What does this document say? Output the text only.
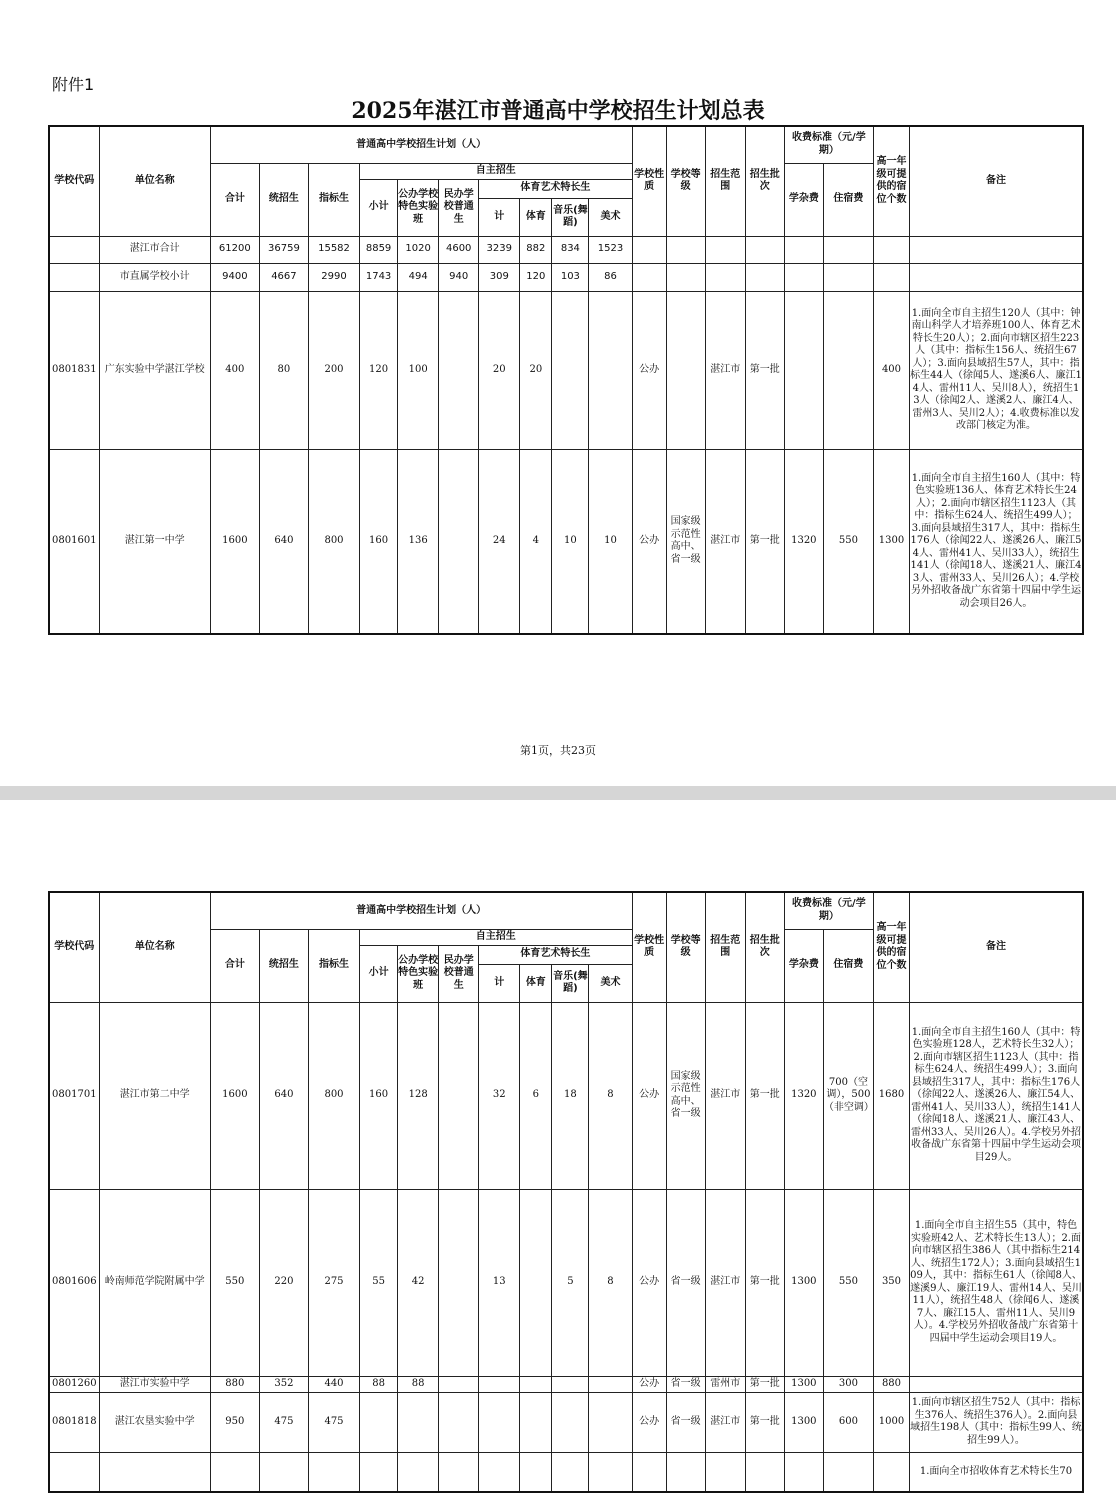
附件1
2025年湛江市普通高中学校招生计划总表
学校代码	单位名称	普通高中学校招生计划（人）										学校性质	学校等级	招生范围	招生批次	收费标准（元/学期）		高一年级可提供的宿位个数	备注
		合计	统招生	指标生	自主招生											学杂费	住宿费		
					小计	公办学校特色实验班	民办学校普通生	体育艺术特长生											
								计	体育	音乐(舞蹈)	美术								
	湛江市合计	61200	36759	15582	8859	1020	4600	3239	882	834	1523								
	市直属学校小计	9400	4667	2990	1743	494	940	309	120	103	86								
0801831	广东实验中学湛江学校	400	80	200	120	100		20	20			公办		湛江市	第一批			400	1.面向全市自主招生120人（其中：钟南山科学人才培养班100人、体育艺术特长生20人）；2.面向市辖区招生223人（其中：指标生156人、统招生67人）；3.面向县域招生57人，其中：指标生44人（徐闻5人、遂溪6人、廉江14人、雷州11人、吴川8人），统招生13人（徐闻2人、遂溪2人、廉江4人、雷州3人、吴川2人）；4.收费标准以发改部门核定为准。
0801601	湛江第一中学	1600	640	800	160	136		24	4	10	10	公办	国家级示范性高中、省一级	湛江市	第一批	1320	550	1300	1.面向全市自主招生160人（其中：特色实验班136人、体育艺术特长生24人）；2.面向市辖区招生1123人（其中：指标生624人、统招生499人）；3.面向县域招生317人，其中：指标生176人（徐闻22人、遂溪26人、廉江54人、雷州41人、吴川33人），统招生141人（徐闻18人、遂溪21人、廉江43人、雷州33人、吴川26人）；4.学校另外招收备战广东省第十四届中学生运动会项目26人。
第1页，共23页
学校代码	单位名称	普通高中学校招生计划（人）										学校性质	学校等级	招生范围	招生批次	收费标准（元/学期）		高一年级可提供的宿位个数	备注
		合计	统招生	指标生	自主招生											学杂费	住宿费		
					小计	公办学校特色实验班	民办学校普通生	体育艺术特长生											
								计	体育	音乐(舞蹈)	美术								
0801701	湛江市第二中学	1600	640	800	160	128		32	6	18	8	公办	国家级示范性高中、省一级	湛江市	第一批	1320	700（空调），500（非空调）	1680	1.面向全市自主招生160人（其中：特色实验班128人，艺术特长生32人）；2.面向市辖区招生1123人（其中：指标生624人、统招生499人）；3.面向县域招生317人，其中：指标生176人（徐闻22人、遂溪26人、廉江54人、雷州41人、吴川33人），统招生141人（徐闻18人、遂溪21人、廉江43人、雷州33人、吴川26人）。4.学校另外招收备战广东省第十四届中学生运动会项目29人。
0801606	岭南师范学院附属中学	550	220	275	55	42		13		5	8	公办	省一级	湛江市	第一批	1300	550	350	1.面向全市自主招生55（其中，特色实验班42人、艺术特长生13人）；2.面向市辖区招生386人（其中指标生214人、统招生172人）；3.面向县域招生109人，其中：指标生61人（徐闻8人、遂溪9人、廉江19人、雷州14人、吴川11人），统招生48人（徐闻6人、遂溪7人、廉江15人、雷州11人、吴川9人）。4.学校另外招收备战广东省第十四届中学生运动会项目19人。
0801260	湛江市实验中学	880	352	440	88	88						公办	省一级	雷州市	第一批	1300	300	880	
0801818	湛江农垦实验中学	950	475	475								公办	省一级	湛江市	第一批	1300	600	1000	1.面向市辖区招生752人（其中：指标生376人、统招生376人）。2.面向县域招生198人（其中：指标生99人、统招生99人）。
																			1.面向全市招收体育艺术特长生70
